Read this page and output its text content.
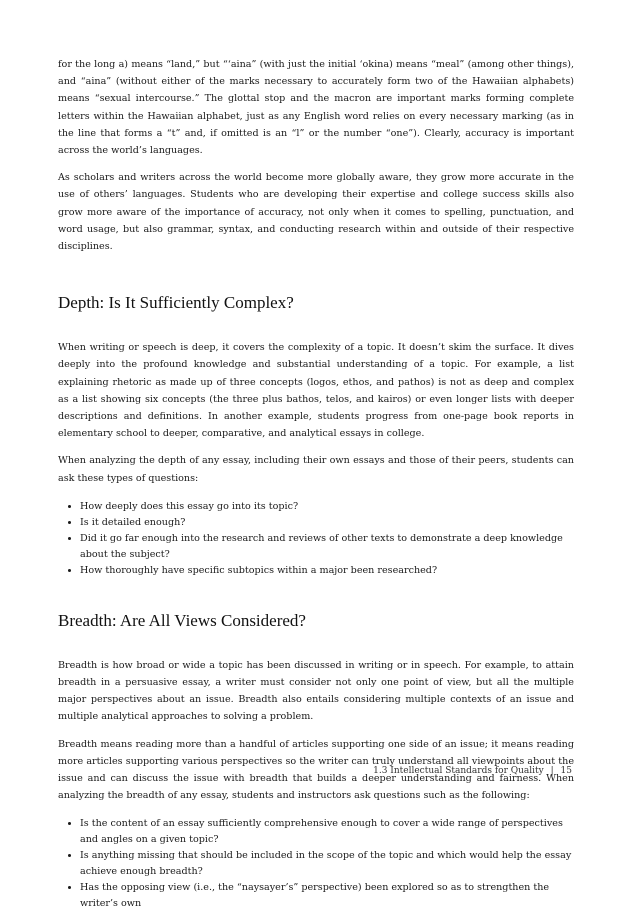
for the long a) means “land,” but “‘aina” (with just the initial ‘okina) means “meal” (among other things), and “aina” (without either of the marks necessary to accurately form two of the Hawaiian alphabets) means “sexual intercourse.” The glottal stop and the macron are important marks forming complete letters within the Hawaiian alphabet, just as any English word relies on every necessary marking (as in the line that forms a “t” and, if omitted is an “l” or the number “one”). Clearly, accuracy is important across the world’s languages.

As scholars and writers across the world become more globally aware, they grow more accurate in the use of others’ languages. Students who are developing their expertise and college success skills also grow more aware of the importance of accuracy, not only when it comes to spelling, punctuation, and word usage, but also grammar, syntax, and conducting research within and outside of their respective disciplines.

Depth: Is It Sufficiently Complex?

When writing or speech is deep, it covers the complexity of a topic. It doesn’t skim the surface. It dives deeply into the profound knowledge and substantial understanding of a topic. For example, a list explaining rhetoric as made up of three concepts (logos, ethos, and pathos) is not as deep and complex as a list showing six concepts (the three plus bathos, telos, and kairos) or even longer lists with deeper descriptions and definitions. In another example, students progress from one-page book reports in elementary school to deeper, comparative, and analytical essays in college.

When analyzing the depth of any essay, including their own essays and those of their peers, students can ask these types of questions:

• How deeply does this essay go into its topic?
• Is it detailed enough?
• Did it go far enough into the research and reviews of other texts to demonstrate a deep knowledge about the subject?
• How thoroughly have specific subtopics within a major been researched?
Breadth: Are All Views Considered?

Breadth is how broad or wide a topic has been discussed in writing or in speech. For example, to attain breadth in a persuasive essay, a writer must consider not only one point of view, but all the multiple major perspectives about an issue. Breadth also entails considering multiple contexts of an issue and multiple analytical approaches to solving a problem.

Breadth means reading more than a handful of articles supporting one side of an issue; it means reading more articles supporting various perspectives so the writer can truly understand all viewpoints about the issue and can discuss the issue with breadth that builds a deeper understanding and fairness. When analyzing the breadth of any essay, students and instructors ask questions such as the following:

• Is the content of an essay sufficiently comprehensive enough to cover a wide range of perspectives and angles on a given topic?
• Is anything missing that should be included in the scope of the topic and which would help the essay achieve enough breadth?
• Has the opposing view (i.e., the “naysayer’s” perspective) been explored so as to strengthen the writer’s own
1.3 Intellectual Standards for Quality | 15
